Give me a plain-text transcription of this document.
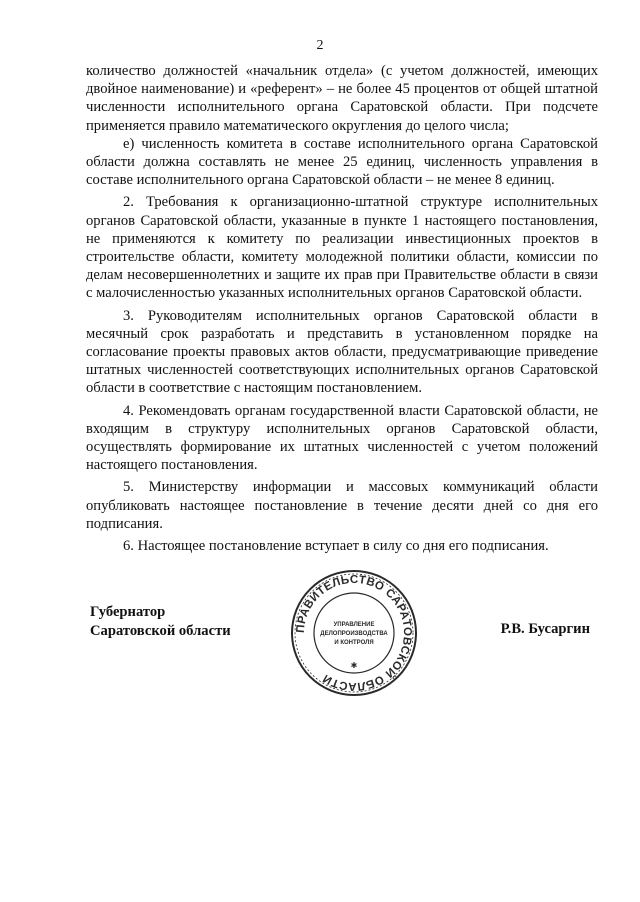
2

количество должностей «начальник отдела» (с учетом должностей, имеющих двойное наименование) и «референт» – не более 45 процентов от общей штатной численности исполнительного органа Саратовской области. При подсчете применяется правило математического округления до целого числа;

е) численность комитета в составе исполнительного органа Саратовской области должна составлять не менее 25 единиц, численность управления в составе исполнительного органа Саратовской области – не менее 8 единиц.

2. Требования к организационно-штатной структуре исполнительных органов Саратовской области, указанные в пункте 1 настоящего постановления, не применяются к комитету по реализации инвестиционных проектов в строительстве области, комитету молодежной политики области, комиссии по делам несовершеннолетних и защите их прав при Правительстве области в связи с малочисленностью указанных исполнительных органов Саратовской области.

3. Руководителям исполнительных органов Саратовской области в месячный срок разработать и представить в установленном порядке на согласование проекты правовых актов области, предусматривающие приведение штатных численностей соответствующих исполнительных органов Саратовской области в соответствие с настоящим постановлением.

4. Рекомендовать органам государственной власти Саратовской области, не входящим в структуру исполнительных органов Саратовской области, осуществлять формирование их штатных численностей с учетом положений настоящего постановления.

5. Министерству информации и массовых коммуникаций области опубликовать настоящее постановление в течение десяти дней со дня его подписания.

6. Настоящее постановление вступает в силу со дня его подписания.

Губернатор
Саратовской области	ПРАВИТЕЛЬСТВО САРАТОВСКОЙ ОБЛАСТИ
УПРАВЛЕНИЕ
ДЕЛОПРОИЗВОДСТВА
И КОНТРОЛЯ
✱
Р.В. Бусаргин
